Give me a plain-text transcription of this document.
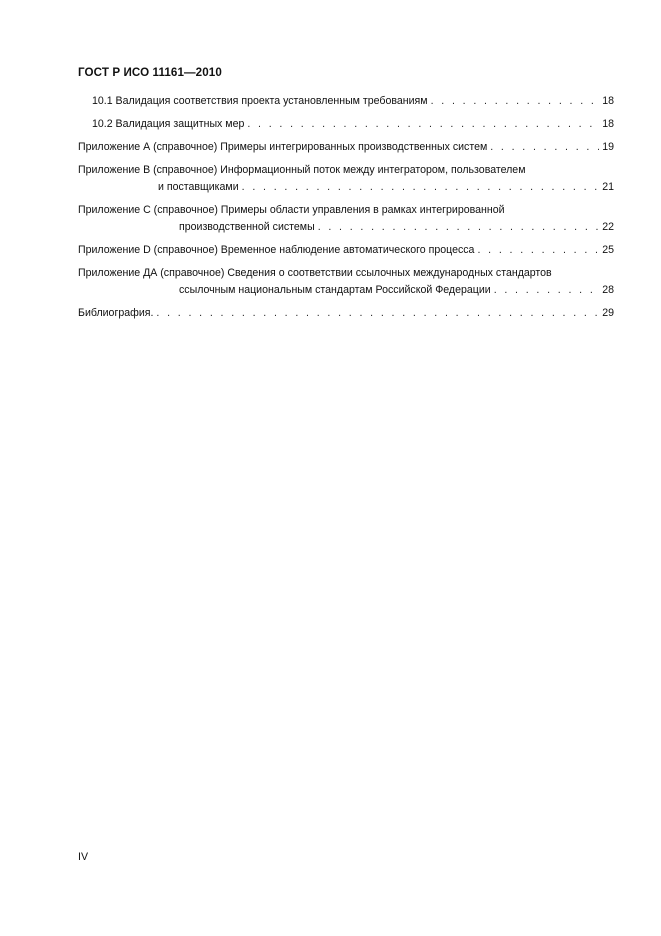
ГОСТ Р ИСО 11161—2010
10.1 Валидация соответствия проекта установленным требованиям . . .	18
10.2 Валидация защитных мер . . .	18
Приложение А (справочное) Примеры интегрированных производственных систем . . .	19
Приложение В (справочное) Информационный поток между интегратором, пользователем
и поставщиками . . .	21
Приложение С (справочное) Примеры области управления в рамках интегрированной
производственной системы . . .	22
Приложение D (справочное) Временное наблюдение автоматического процесса . . .	25
Приложение ДА (справочное) Сведения о соответствии ссылочных международных стандартов
ссылочным национальным стандартам Российской Федерации . . .	28
Библиография. . . .	29
IV
